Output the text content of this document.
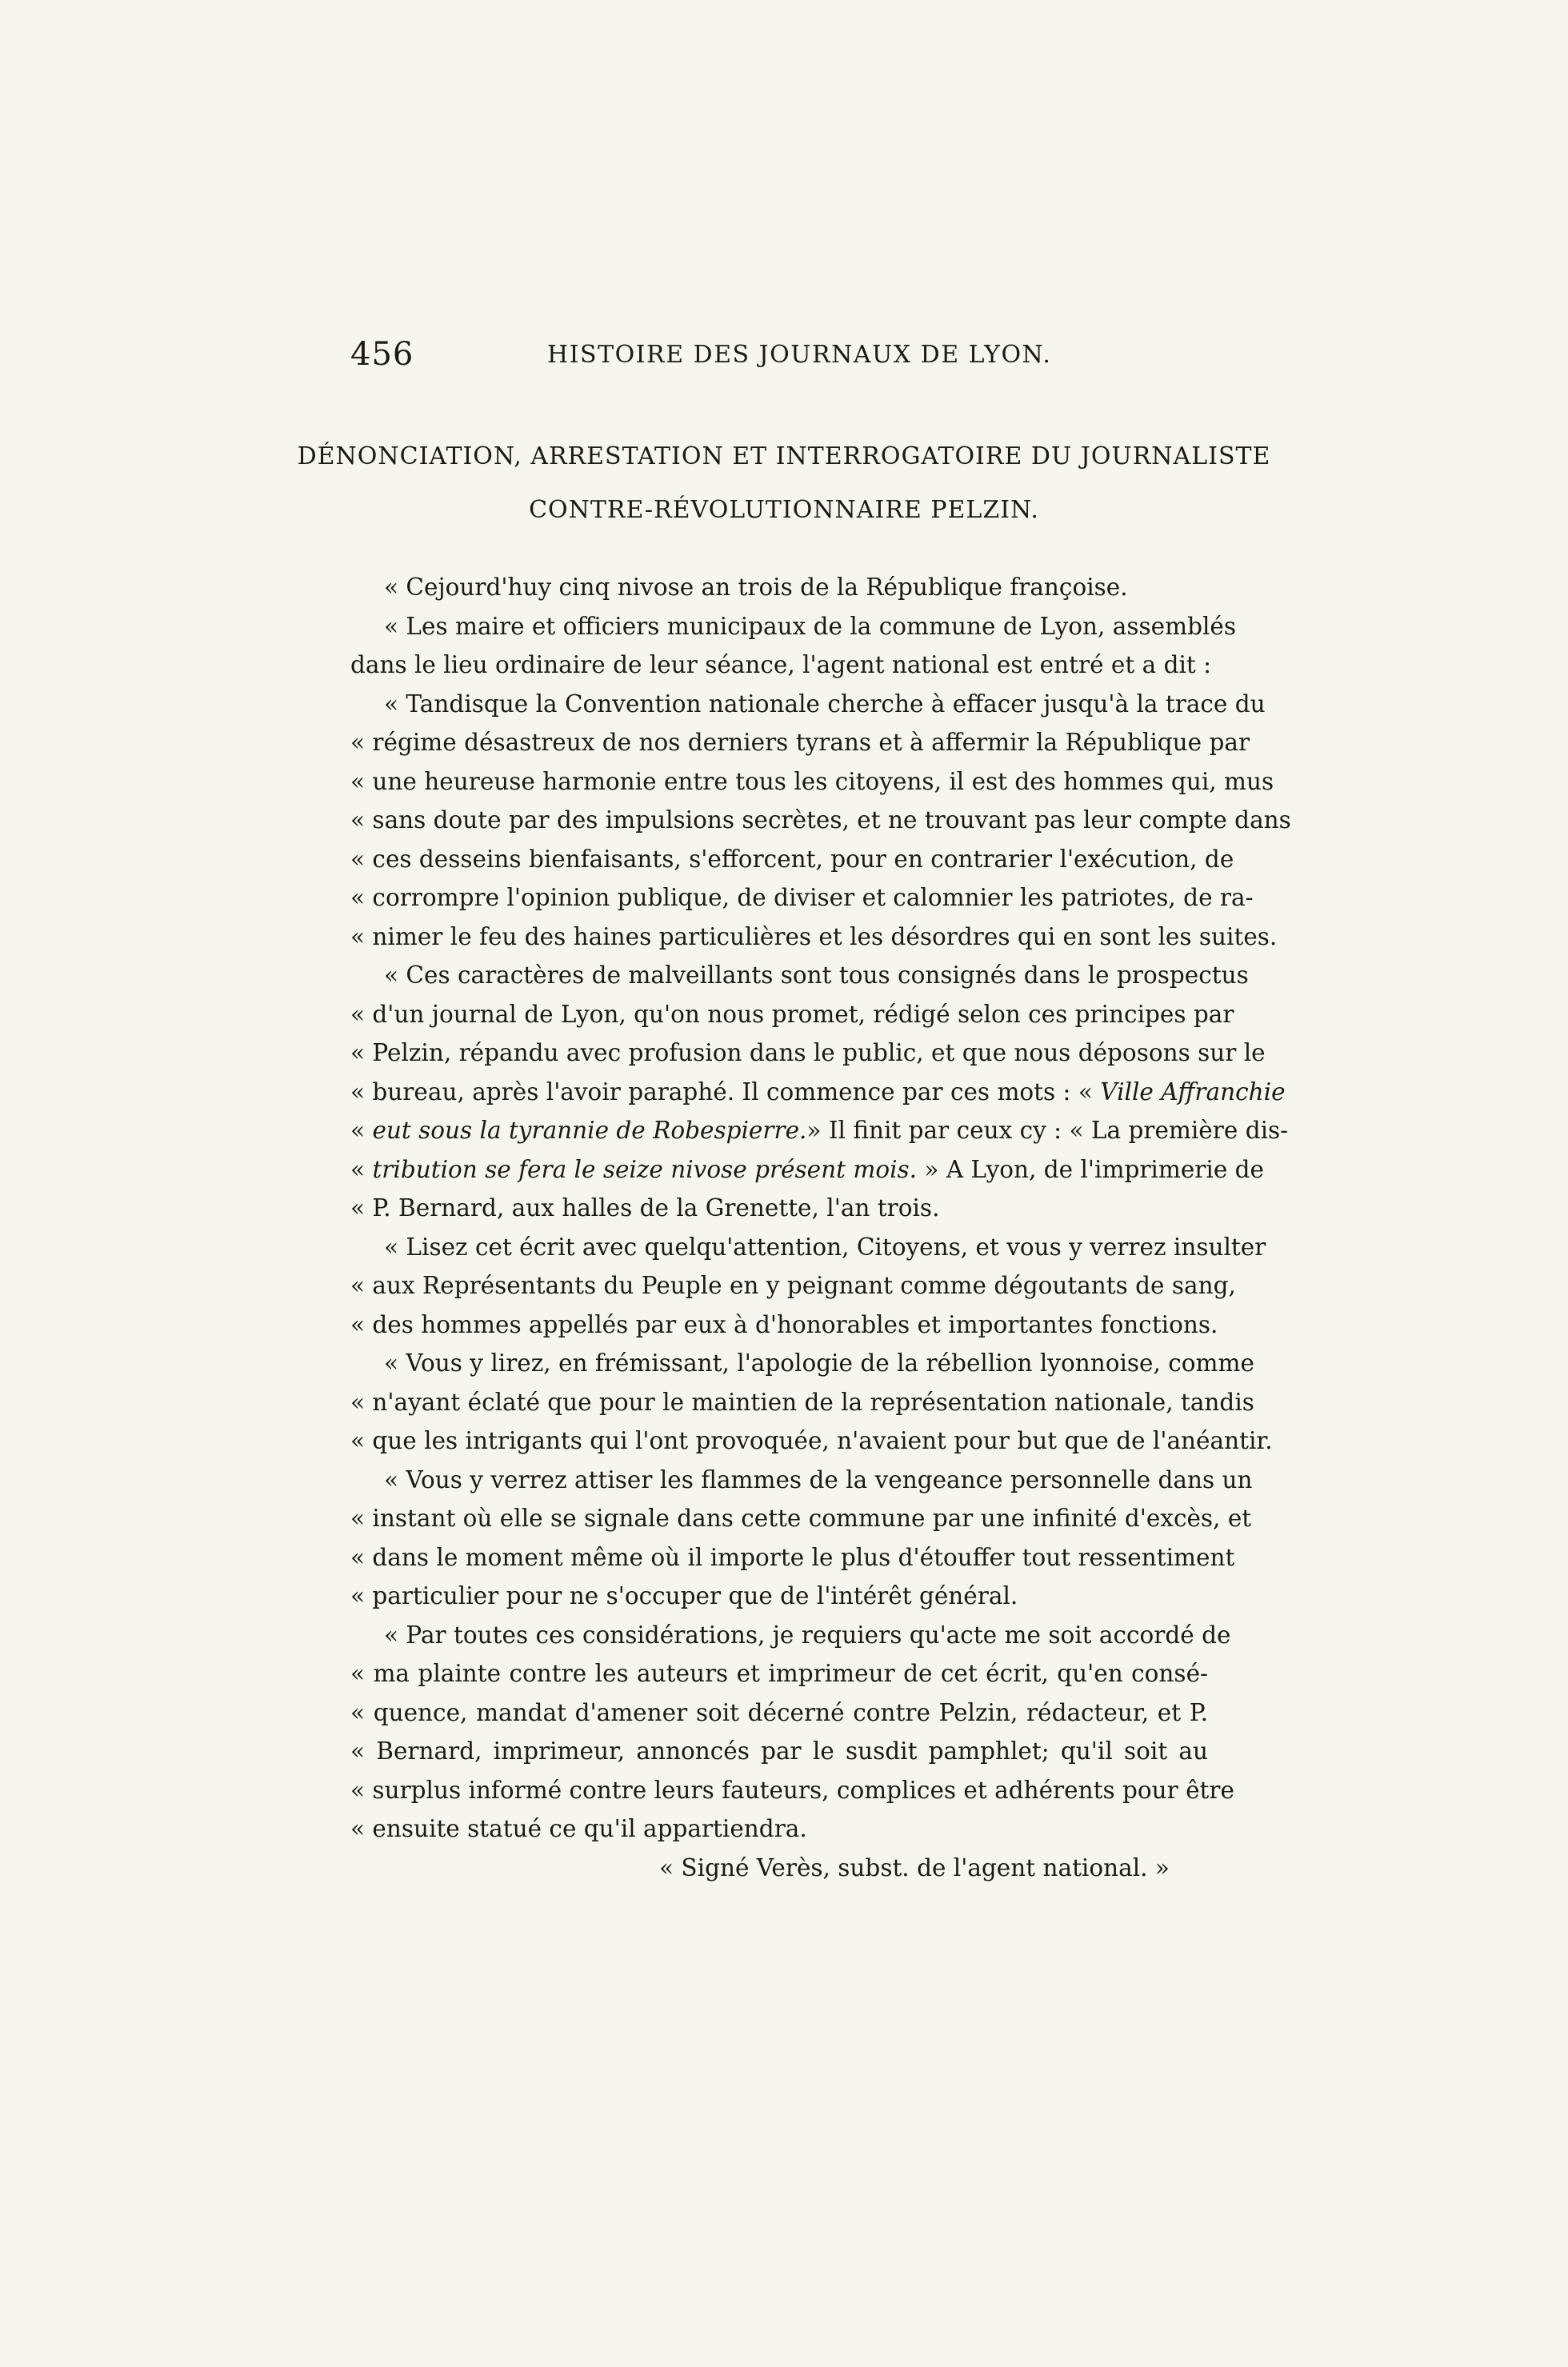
456	HISTOIRE DES JOURNAUX DE LYON.
DÉNONCIATION, ARRESTATION ET INTERROGATOIRE DU JOURNALISTE
CONTRE-RÉVOLUTIONNAIRE PELZIN.
« Cejourd'huy cinq nivose an trois de la République françoise.
« Les maire et officiers municipaux de la commune de Lyon, assemblés
dans le lieu ordinaire de leur séance, l'agent national est entré et a dit :
« Tandisque la Convention nationale cherche à effacer jusqu'à la trace du
« régime désastreux de nos derniers tyrans et à affermir la République par
« une heureuse harmonie entre tous les citoyens, il est des hommes qui, mus
« sans doute par des impulsions secrètes, et ne trouvant pas leur compte dans
« ces desseins bienfaisants, s'efforcent, pour en contrarier l'exécution, de
« corrompre l'opinion publique, de diviser et calomnier les patriotes, de ra-
« nimer le feu des haines particulières et les désordres qui en sont les suites.
« Ces caractères de malveillants sont tous consignés dans le prospectus
« d'un journal de Lyon, qu'on nous promet, rédigé selon ces principes par
« Pelzin, répandu avec profusion dans le public, et que nous déposons sur le
« bureau, après l'avoir paraphé. Il commence par ces mots : « Ville Affranchie
« eut sous la tyrannie de Robespierre.» Il finit par ceux cy : « La première dis-
« tribution se fera le seize nivose présent mois. » A Lyon, de l'imprimerie de
« P. Bernard, aux halles de la Grenette, l'an trois.
« Lisez cet écrit avec quelqu'attention, Citoyens, et vous y verrez insulter
« aux Représentants du Peuple en y peignant comme dégoutants de sang,
« des hommes appellés par eux à d'honorables et importantes fonctions.
« Vous y lirez, en frémissant, l'apologie de la rébellion lyonnoise, comme
« n'ayant éclaté que pour le maintien de la représentation nationale, tandis
« que les intrigants qui l'ont provoquée, n'avaient pour but que de l'anéantir.
« Vous y verrez attiser les flammes de la vengeance personnelle dans un
« instant où elle se signale dans cette commune par une infinité d'excès, et
« dans le moment même où il importe le plus d'étouffer tout ressentiment
« particulier pour ne s'occuper que de l'intérêt général.
« Par toutes ces considérations, je requiers qu'acte me soit accordé de
« ma plainte contre les auteurs et imprimeur de cet écrit, qu'en consé-
« quence, mandat d'amener soit décerné contre Pelzin, rédacteur, et P.
« Bernard, imprimeur, annoncés par le susdit pamphlet; qu'il soit au
« surplus informé contre leurs fauteurs, complices et adhérents pour être
« ensuite statué ce qu'il appartiendra.
« Signé Verès, subst. de l'agent national. »
